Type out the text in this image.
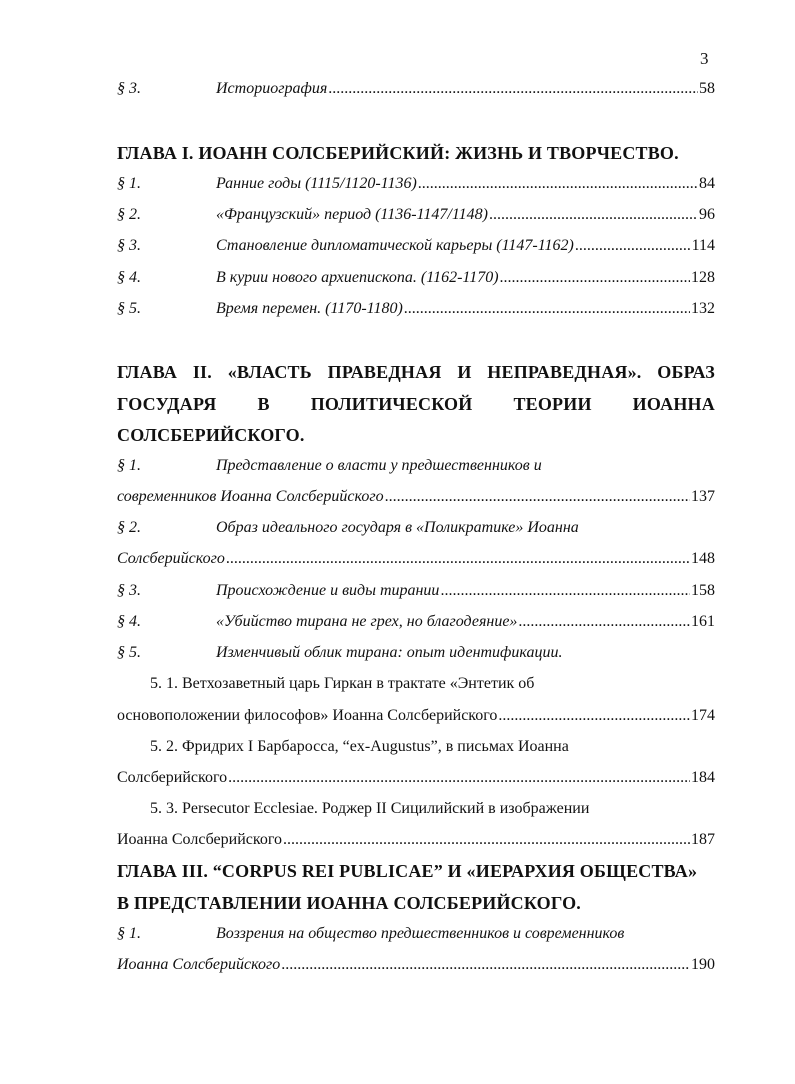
3
§ 3.	Историография .....	58
ГЛАВА I. ИОАНН СОЛСБЕРИЙСКИЙ: ЖИЗНЬ И ТВОРЧЕСТВО.
§ 1.	Ранние годы (1115/1120-1136) .....	84
§ 2.	«Французский» период (1136-1147/1148) .....	96
§ 3.	Становление дипломатической карьеры (1147-1162) .....	114
§ 4.	В курии нового архиепископа. (1162-1170) .....	128
§ 5.	Время перемен. (1170-1180) .....	132
ГЛАВА II. «ВЛАСТЬ ПРАВЕДНАЯ И НЕПРАВЕДНАЯ». ОБРАЗ
ГОСУДАРЯ В ПОЛИТИЧЕСКОЙ ТЕОРИИ ИОАННА
СОЛСБЕРИЙСКОГО.
§ 1.	Представление о власти у предшественников и
современников Иоанна Солсберийского .....	137
§ 2.	Образ идеального государя в «Поликратике» Иоанна
Солсберийского .....	148
§ 3.	Происхождение и виды тирании .....	158
§ 4.	«Убийство тирана не грех, но благодеяние» .....	161
§ 5.	Изменчивый облик тирана: опыт идентификации.
5. 1. Ветхозаветный царь Гиркан в трактате «Энтетик об
основоположении философов» Иоанна Солсберийского .....	174
5. 2. Фридрих I Барбаросса, “ex-Augustus”, в письмах Иоанна
Солсберийского .....	184
5. 3. Persecutor Ecclesiae. Роджер II Сицилийский в изображении
Иоанна Солсберийского .....	187
ГЛАВА III. “CORPUS REI PUBLICAE” И «ИЕРАРХИЯ ОБЩЕСТВА»
В ПРЕДСТАВЛЕНИИ ИОАННА СОЛСБЕРИЙСКОГО.
§ 1.	Воззрения на общество предшественников и современников
Иоанна Солсберийского .....	190
